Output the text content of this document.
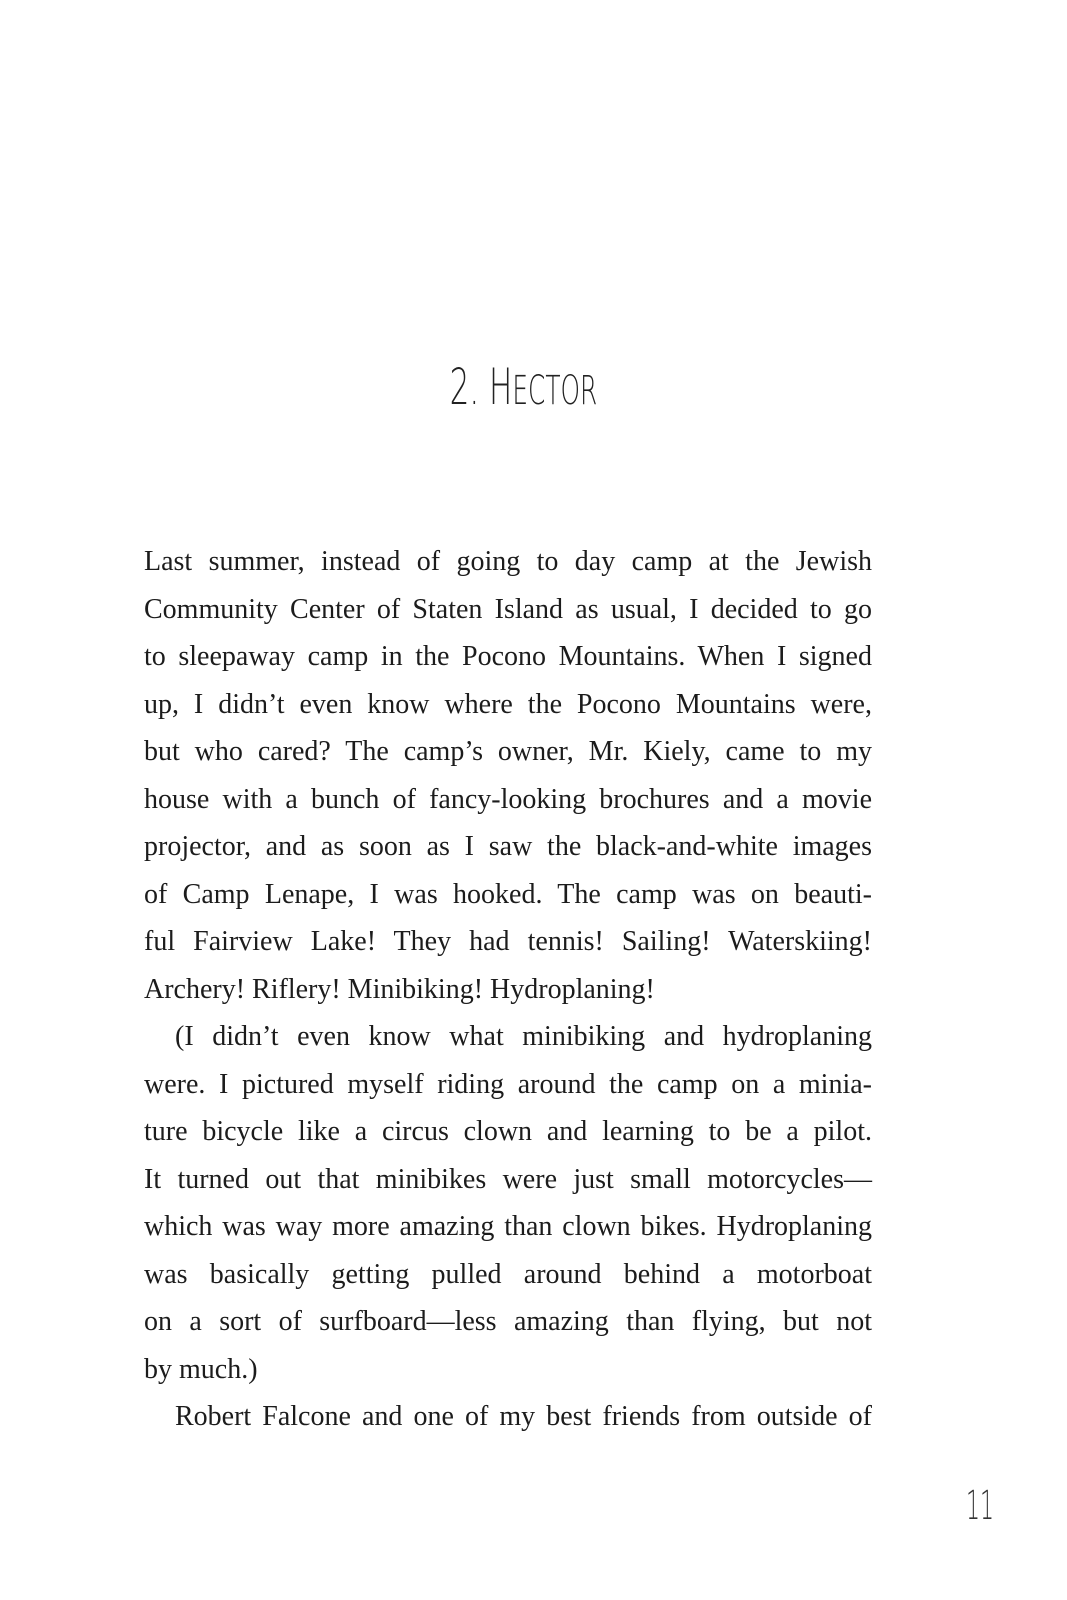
2. HECTOR
Last summer, instead of going to day camp at the Jewish
Community Center of Staten Island as usual, I decided to go
to sleepaway camp in the Pocono Mountains. When I signed
up, I didn’t even know where the Pocono Mountains were,
but who cared? The camp’s owner, Mr. Kiely, came to my
house with a bunch of fancy-looking brochures and a movie
projector, and as soon as I saw the black-and-white images
of Camp Lenape, I was hooked. The camp was on beauti-
ful Fairview Lake! They had tennis! Sailing! Waterskiing!
Archery! Riflery! Minibiking! Hydroplaning!
(I didn’t even know what minibiking and hydroplaning
were. I pictured myself riding around the camp on a minia-
ture bicycle like a circus clown and learning to be a pilot.
It turned out that minibikes were just small motorcycles—
which was way more amazing than clown bikes. Hydroplaning
was basically getting pulled around behind a motorboat
on a sort of surfboard—less amazing than flying, but not
by much.)
Robert Falcone and one of my best friends from outside of
11
